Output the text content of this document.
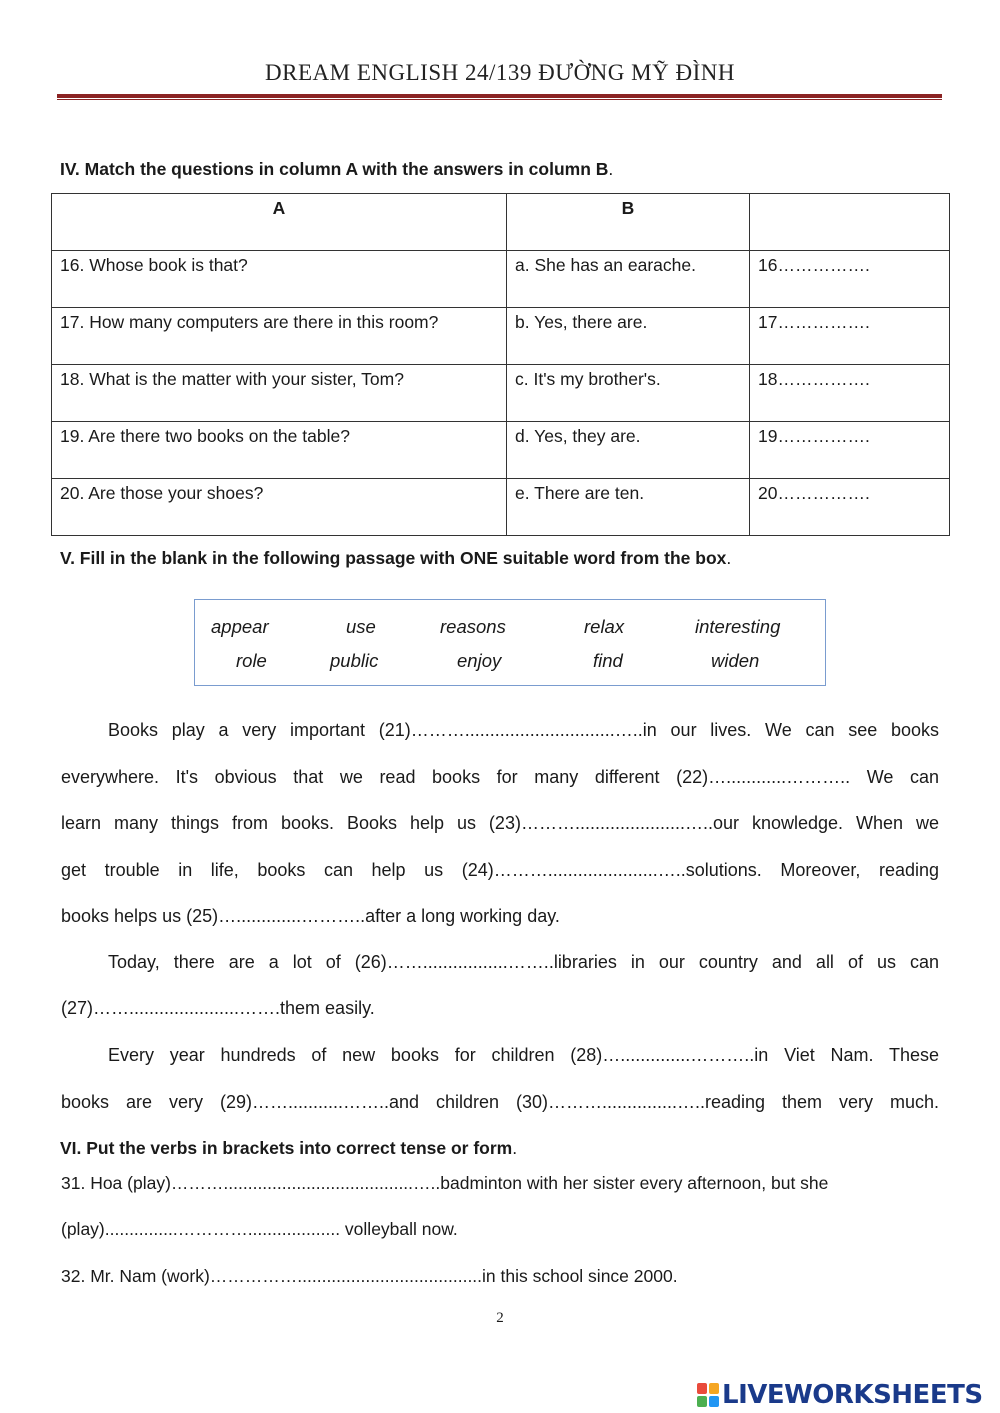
DREAM ENGLISH 24/139 ĐƯỜNG MỸ ĐÌNH
IV. Match the questions in column A with the answers in column B.
A	B	
16. Whose book is that?	a. She has an earache.	16…………….
17. How many computers are there in this room?	b. Yes, there are.	17…………….
18. What is the matter with your sister, Tom?	c. It's my brother's.	18…………….
19. Are there two books on the table?	d. Yes, they are.	19…………….
20. Are those your shoes?	e. There are ten.	20…………….
V. Fill in the blank in the following passage with ONE suitable word from the box.
appear	use	reasons	relax	interesting
role	public	enjoy	find	widen
Books play a very important (21)………..............................…..in our lives. We can see books
everywhere. It's obvious that we read books for many different (22)…............……….. We can
learn many things from books. Books help us (23)………......................…..our knowledge. When we
get trouble in life, books can help us (24)………......................…..solutions. Moreover, reading
books helps us (25)….............………..after a long working day.
Today, there are a lot of (26)…….................……..libraries in our country and all of us can
(27)……......................…….them easily.
Every year hundreds of new books for children (28)…..............………..in Viet Nam. These
books are very (29)……...........……..and children (30)………...............…..reading them very much.
VI. Put the verbs in brackets into correct tense or form.
31. Hoa (play)……….......................................…..badminton with her sister every afternoon, but she
(play)...............…………................... volleyball now.
32. Mr. Nam (work)……………......................................in this school since 2000.
2
LIVEWORKSHEETS
